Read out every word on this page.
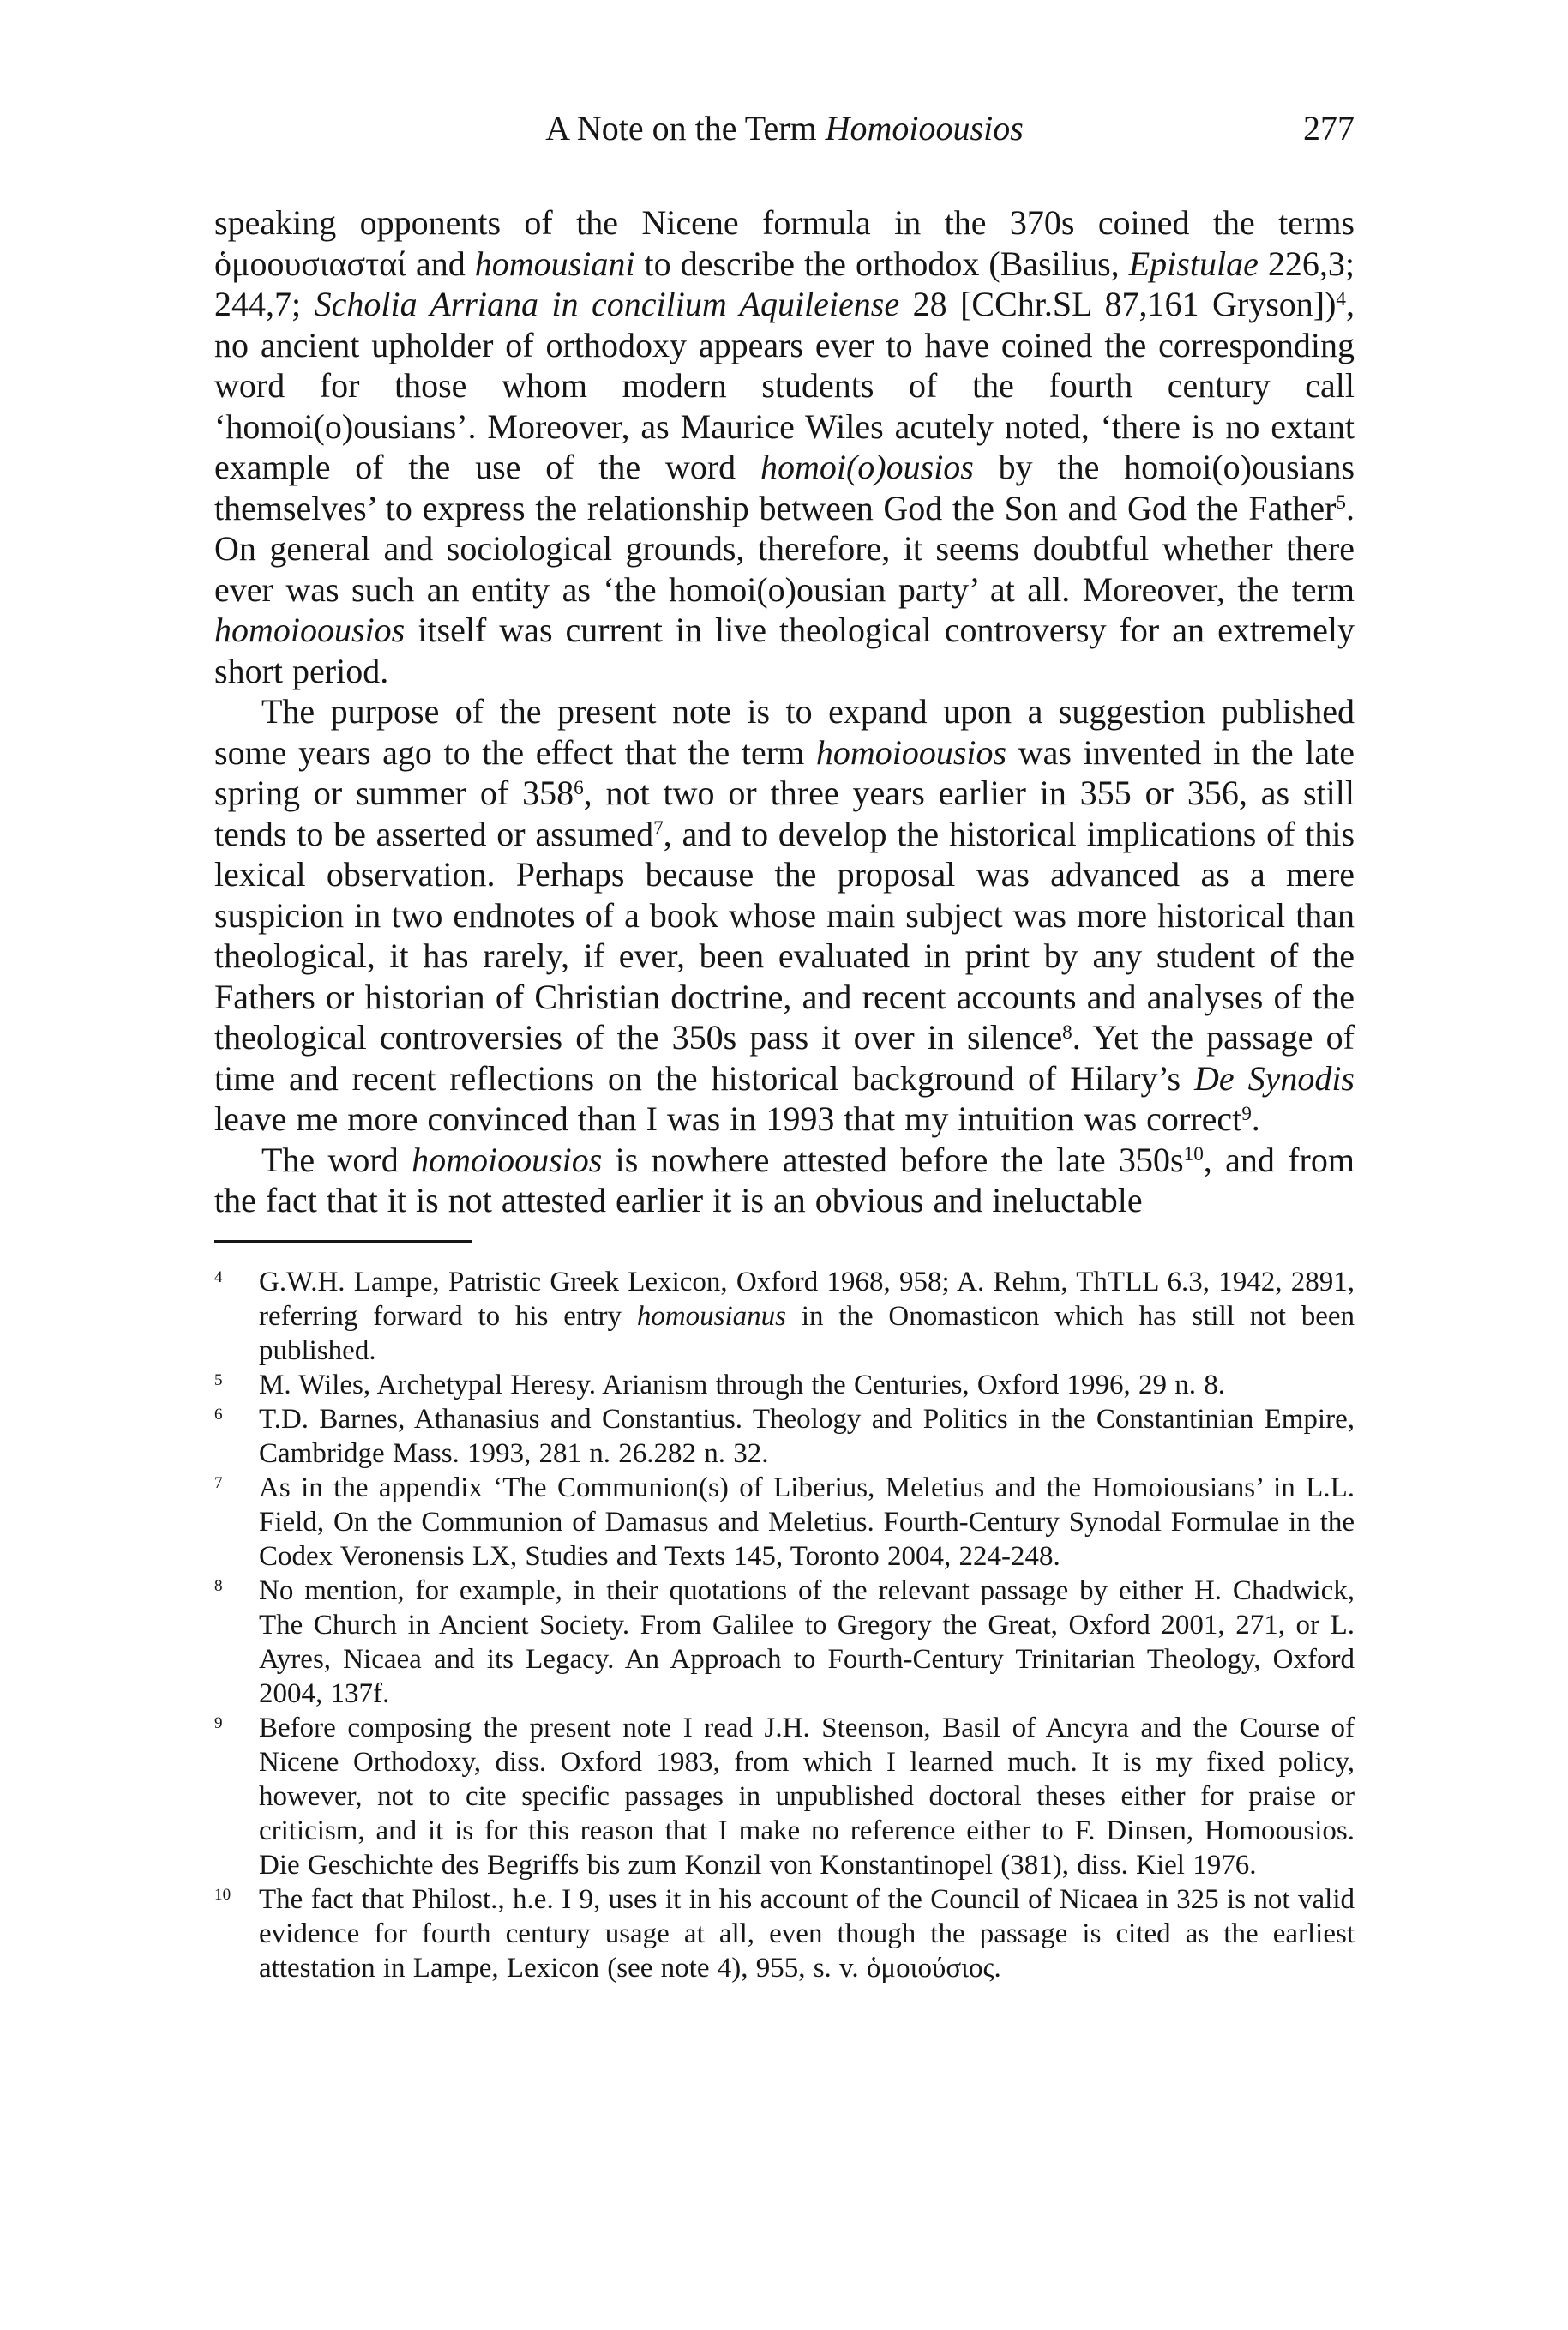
A Note on the Term Homoioousios	277

speaking opponents of the Nicene formula in the 370s coined the terms ὁμοουσιασταί and homousiani to describe the orthodox (Basilius, Epistulae 226,3; 244,7; Scholia Arriana in concilium Aquileiense 28 [CChr.SL 87,161 Gryson])$^4$, no ancient upholder of orthodoxy appears ever to have coined the corresponding word for those whom modern students of the fourth century call ‘homoi(o)ousians’. Moreover, as Maurice Wiles acutely noted, ‘there is no extant example of the use of the word homoi(o)ousios by the homoi(o)ousians themselves’ to express the relationship between God the Son and God the Father$^5$. On general and sociological grounds, therefore, it seems doubtful whether there ever was such an entity as ‘the homoi(o)ousian party’ at all. Moreover, the term homoioousios itself was current in live theological controversy for an extremely short period.

The purpose of the present note is to expand upon a suggestion published some years ago to the effect that the term homoioousios was invented in the late spring or summer of $358^6$, not two or three years earlier in 355 or 356, as still tends to be asserted or assumed$^7$, and to develop the historical implications of this lexical observation. Perhaps because the proposal was advanced as a mere suspicion in two endnotes of a book whose main subject was more historical than theological, it has rarely, if ever, been evaluated in print by any student of the Fathers or historian of Christian doctrine, and recent accounts and analyses of the theological controversies of the 350s pass it over in silence$^8$. Yet the passage of time and recent reflections on the historical background of Hilary’s De Synodis leave me more convinced than I was in 1993 that my intuition was correct$^9$.

The word homoioousios is nowhere attested before the late $350s^{10}$, and from the fact that it is not attested earlier it is an obvious and ineluctable

$^4$	G.W.H. Lampe, Patristic Greek Lexicon, Oxford 1968, 958; A. Rehm, ThTLL 6.3, 1942, 2891, referring forward to his entry homousianus in the Onomasticon which has still not been published.
$^5$	M. Wiles, Archetypal Heresy. Arianism through the Centuries, Oxford 1996, 29 n. 8.
$^6$	T.D. Barnes, Athanasius and Constantius. Theology and Politics in the Constantinian Empire, Cambridge Mass. 1993, 281 n. 26.282 n. 32.
$^7$	As in the appendix ‘The Communion(s) of Liberius, Meletius and the Homoiousians’ in L.L. Field, On the Communion of Damasus and Meletius. Fourth-Century Synodal Formulae in the Codex Veronensis LX, Studies and Texts 145, Toronto 2004, 224-248.
$^8$	No mention, for example, in their quotations of the relevant passage by either H. Chadwick, The Church in Ancient Society. From Galilee to Gregory the Great, Oxford 2001, 271, or L. Ayres, Nicaea and its Legacy. An Approach to Fourth-Century Trinitarian Theology, Oxford 2004, 137f.
$^9$	Before composing the present note I read J.H. Steenson, Basil of Ancyra and the Course of Nicene Orthodoxy, diss. Oxford 1983, from which I learned much. It is my fixed policy, however, not to cite specific passages in unpublished doctoral theses either for praise or criticism, and it is for this reason that I make no reference either to F. Dinsen, Homoousios. Die Geschichte des Begriffs bis zum Konzil von Konstantinopel (381), diss. Kiel 1976.
$^{10}$ The fact that Philost., h.e. I 9, uses it in his account of the Council of Nicaea in 325 is not valid evidence for fourth century usage at all, even though the passage is cited as the earliest attestation in Lampe, Lexicon (see note 4), 955, s. v. ὁμοιούσιος.
